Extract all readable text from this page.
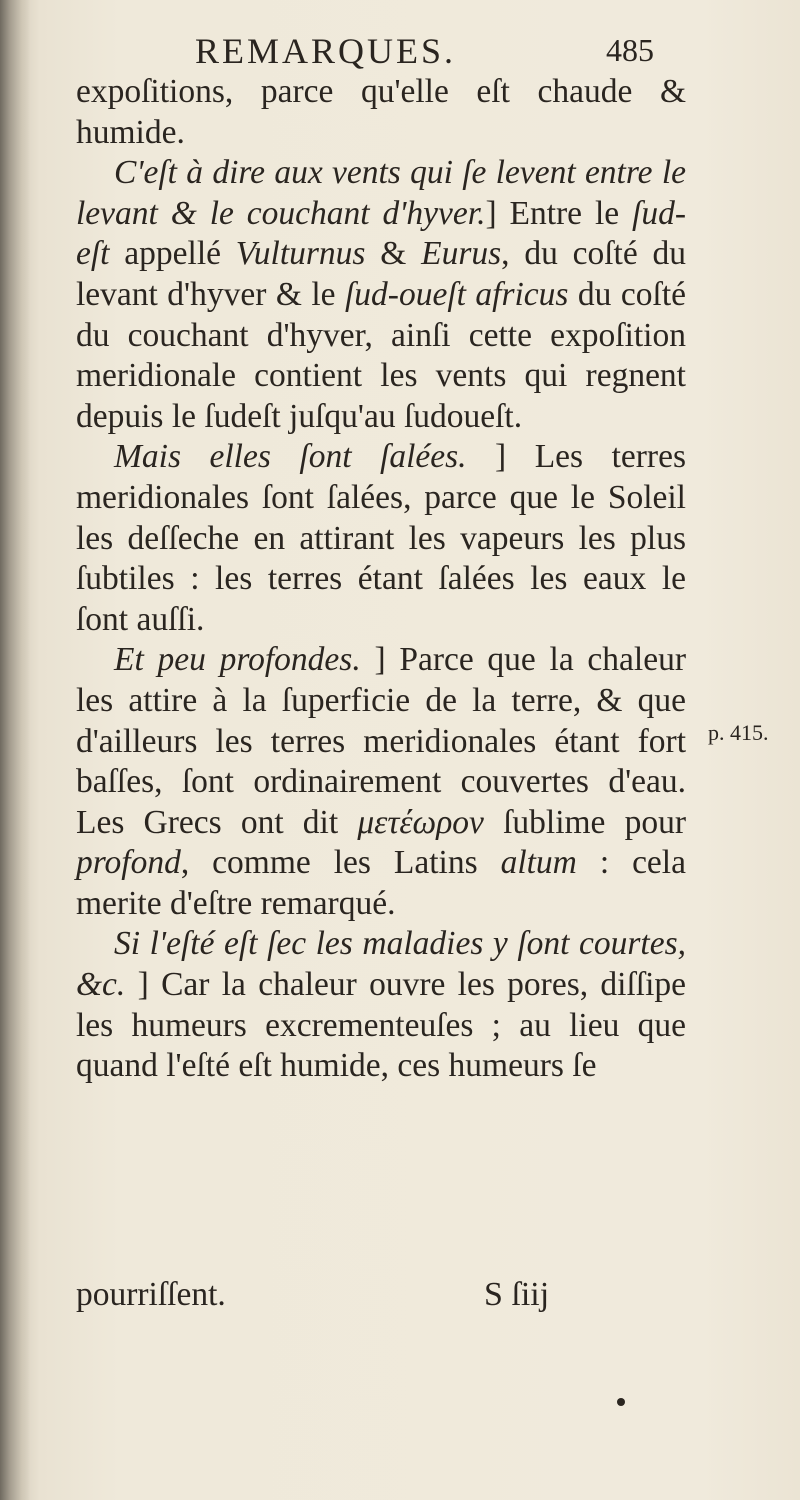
REMARQUES.	485

expoſitions, parce qu'elle eſt chaude & humide.

C'eſt à dire aux vents qui ſe levent entre le levant & le couchant d'hyver.] Entre le ſud-eſt appellé Vulturnus & Eurus, du coſté du levant d'hyver & le ſud-oueſt africus du coſté du couchant d'hyver, ainſi cette expoſition meridionale contient les vents qui regnent depuis le ſudeſt juſqu'au ſudoueſt.

Mais elles ſont ſalées. ] Les terres meridionales ſont ſalées, parce que le Soleil les deſſeche en attirant les vapeurs les plus ſubtiles : les terres étant ſalées les eaux le ſont auſſi.

Et peu profondes. ] Parce que la chaleur les attire à la ſuperficie de la terre, & que d'ailleurs les terres meridionales étant fort baſſes, ſont ordinairement couvertes d'eau. Les Grecs ont dit μετέωρον ſublime pour profond, comme les Latins altum : cela merite d'eſtre remarqué.

Si l'eſté eſt ſec les maladies y ſont courtes, &c. ] Car la chaleur ouvre les pores, diſſipe les humeurs excrementeuſes ; au lieu que quand l'eſté eſt humide, ces humeurs ſe

pourriſſent.	S ſiij
p. 415.
